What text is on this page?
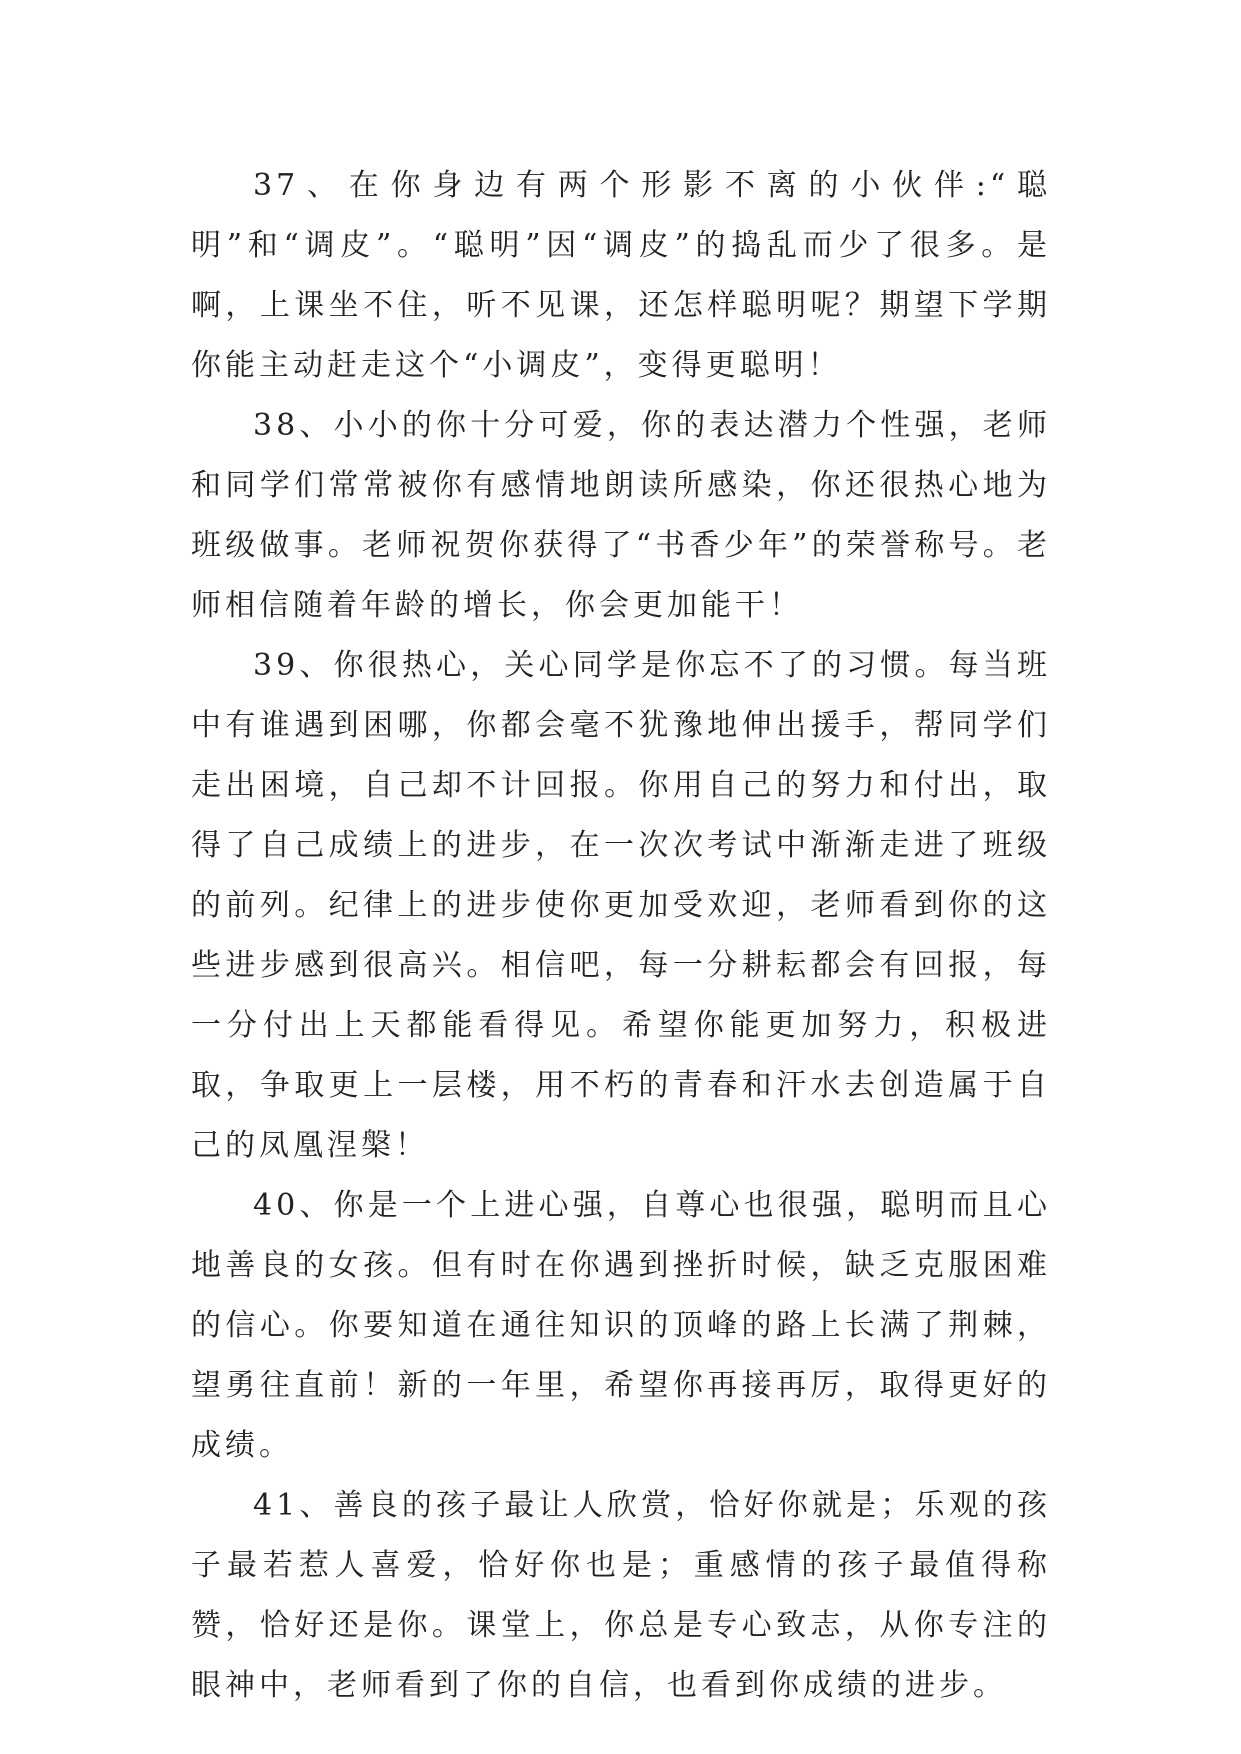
37、在你身边有两个形影不离的小伙伴:“聪明”和“调皮”。“聪明”因“调皮”的捣乱而少了很多。是啊，上课坐不住，听不见课，还怎样聪明呢？期望下学期你能主动赶走这个“小调皮”，变得更聪明！

38、小小的你十分可爱，你的表达潜力个性强，老师和同学们常常被你有感情地朗读所感染，你还很热心地为班级做事。老师祝贺你获得了“书香少年”的荣誉称号。老师相信随着年龄的增长，你会更加能干！

39、你很热心，关心同学是你忘不了的习惯。每当班中有谁遇到困哪，你都会毫不犹豫地伸出援手，帮同学们走出困境，自己却不计回报。你用自己的努力和付出，取得了自己成绩上的进步，在一次次考试中渐渐走进了班级的前列。纪律上的进步使你更加受欢迎，老师看到你的这些进步感到很高兴。相信吧，每一分耕耘都会有回报，每一分付出上天都能看得见。希望你能更加努力，积极进取，争取更上一层楼，用不朽的青春和汗水去创造属于自己的凤凰涅槃！

40、你是一个上进心强，自尊心也很强，聪明而且心地善良的女孩。但有时在你遇到挫折时候，缺乏克服困难的信心。你要知道在通往知识的顶峰的路上长满了荆棘，望勇往直前！新的一年里，希望你再接再厉，取得更好的成绩。

41、善良的孩子最让人欣赏，恰好你就是；乐观的孩子最若惹人喜爱，恰好你也是；重感情的孩子最值得称赞，恰好还是你。课堂上，你总是专心致志，从你专注的眼神中，老师看到了你的自信，也看到你成绩的进步。
